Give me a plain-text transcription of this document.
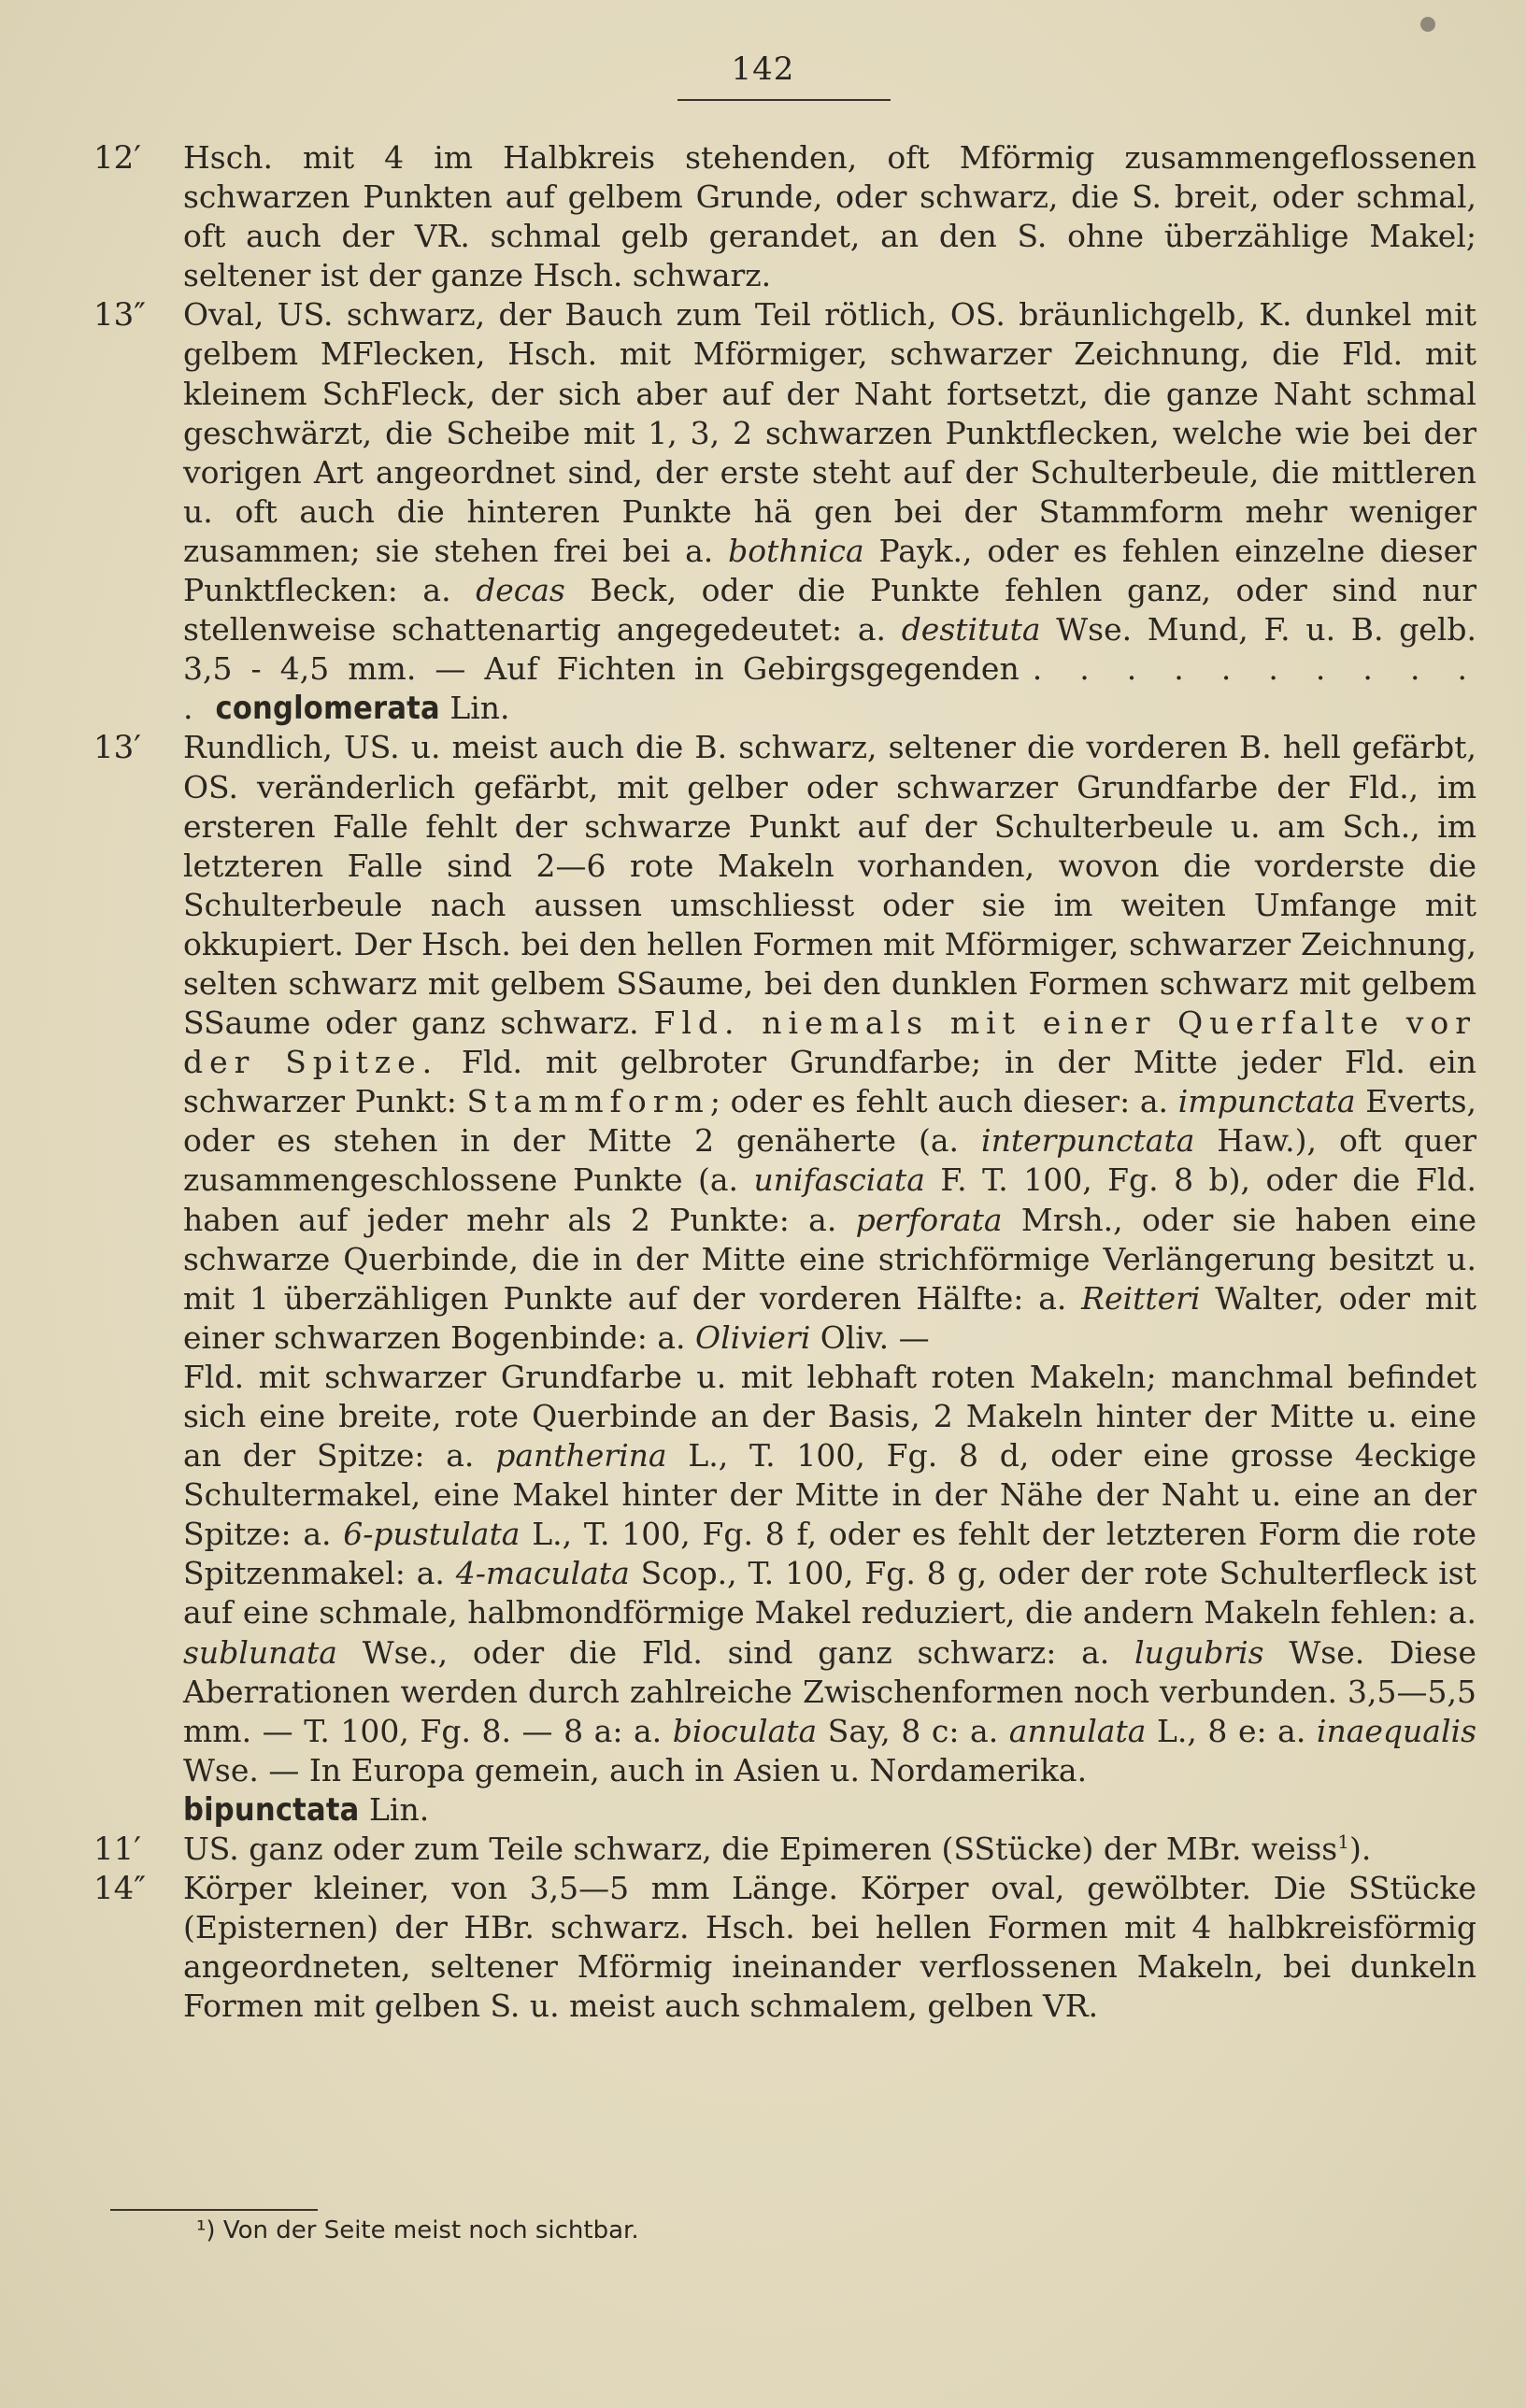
142
12′	Hsch. mit 4 im Halbkreis stehenden, oft Mförmig zusammengeflossenen schwarzen Punkten auf gelbem Grunde, oder schwarz, die S. breit, oder schmal, oft auch der VR. schmal gelb gerandet, an den S. ohne überzählige Makel; seltener ist der ganze Hsch. schwarz.
13″	Oval, US. schwarz, der Bauch zum Teil rötlich, OS. bräunlichgelb, K. dunkel mit gelbem MFlecken, Hsch. mit Mförmiger, schwarzer Zeichnung, die Fld. mit kleinem SchFleck, der sich aber auf der Naht fortsetzt, die ganze Naht schmal geschwärzt, die Scheibe mit 1, 3, 2 schwarzen Punktflecken, welche wie bei der vorigen Art angeordnet sind, der erste steht auf der Schulterbeule, die mittleren u. oft auch die hinteren Punkte hä gen bei der Stammform mehr weniger zusammen; sie stehen frei bei a. bothnica Payk., oder es fehlen einzelne dieser Punktflecken: a. decas Beck, oder die Punkte fehlen ganz, oder sind nur stellenweise schattenartig angegedeutet: a. destituta Wse. Mund, F. u. B. gelb. 3,5 - 4,5 mm. — Auf Fichten in Gebirgsgegenden . . . . . . . . . . . conglomerata Lin.
13′	Rundlich, US. u. meist auch die B. schwarz, seltener die vorderen B. hell gefärbt, OS. veränderlich gefärbt, mit gelber oder schwarzer Grundfarbe der Fld., im ersteren Falle fehlt der schwarze Punkt auf der Schulterbeule u. am Sch., im letzteren Falle sind 2—6 rote Makeln vorhanden, wovon die vorderste die Schulterbeule nach aussen umschliesst oder sie im weiten Umfange mit okkupiert. Der Hsch. bei den hellen Formen mit Mförmiger, schwarzer Zeichnung, selten schwarz mit gelbem SSaume, bei den dunklen Formen schwarz mit gelbem SSaume oder ganz schwarz. Fld. niemals mit einer Querfalte vor der Spitze. Fld. mit gelbroter Grundfarbe; in der Mitte jeder Fld. ein schwarzer Punkt: Stammform; oder es fehlt auch dieser: a. impunctata Everts, oder es stehen in der Mitte 2 genäherte (a. interpunctata Haw.), oft quer zusammengeschlossene Punkte (a. unifasciata F. T. 100, Fg. 8 b), oder die Fld. haben auf jeder mehr als 2 Punkte: a. perforata Mrsh., oder sie haben eine schwarze Querbinde, die in der Mitte eine strichförmige Verlängerung besitzt u. mit 1 überzähligen Punkte auf der vorderen Hälfte: a. Reitteri Walter, oder mit einer schwarzen Bogenbinde: a. Olivieri Oliv. —

Fld. mit schwarzer Grundfarbe u. mit lebhaft roten Makeln; manchmal befindet sich eine breite, rote Querbinde an der Basis, 2 Makeln hinter der Mitte u. eine an der Spitze: a. pantherina L., T. 100, Fg. 8 d, oder eine grosse 4eckige Schultermakel, eine Makel hinter der Mitte in der Nähe der Naht u. eine an der Spitze: a. 6-pustulata L., T. 100, Fg. 8 f, oder es fehlt der letzteren Form die rote Spitzenmakel: a. 4-maculata Scop., T. 100, Fg. 8 g, oder der rote Schulterfleck ist auf eine schmale, halbmondförmige Makel reduziert, die andern Makeln fehlen: a. sublunata Wse., oder die Fld. sind ganz schwarz: a. lugubris Wse. Diese Aberrationen werden durch zahlreiche Zwischenformen noch verbunden. 3,5—5,5 mm. — T. 100, Fg. 8. — 8 a: a. bioculata Say, 8 c: a. annulata L., 8 e: a. inaequalis Wse. — In Europa gemein, auch in Asien u. Nordamerika.

bipunctata Lin.

11′	US. ganz oder zum Teile schwarz, die Epimeren (SStücke) der MBr. weiss$^1$).
14″	Körper kleiner, von 3,5—5 mm Länge. Körper oval, gewölbter. Die SStücke (Episternen) der HBr. schwarz. Hsch. bei hellen Formen mit 4 halbkreisförmig angeordneten, seltener Mförmig ineinander verflossenen Makeln, bei dunkeln Formen mit gelben S. u. meist auch schmalem, gelben VR.
¹) Von der Seite meist noch sichtbar.
